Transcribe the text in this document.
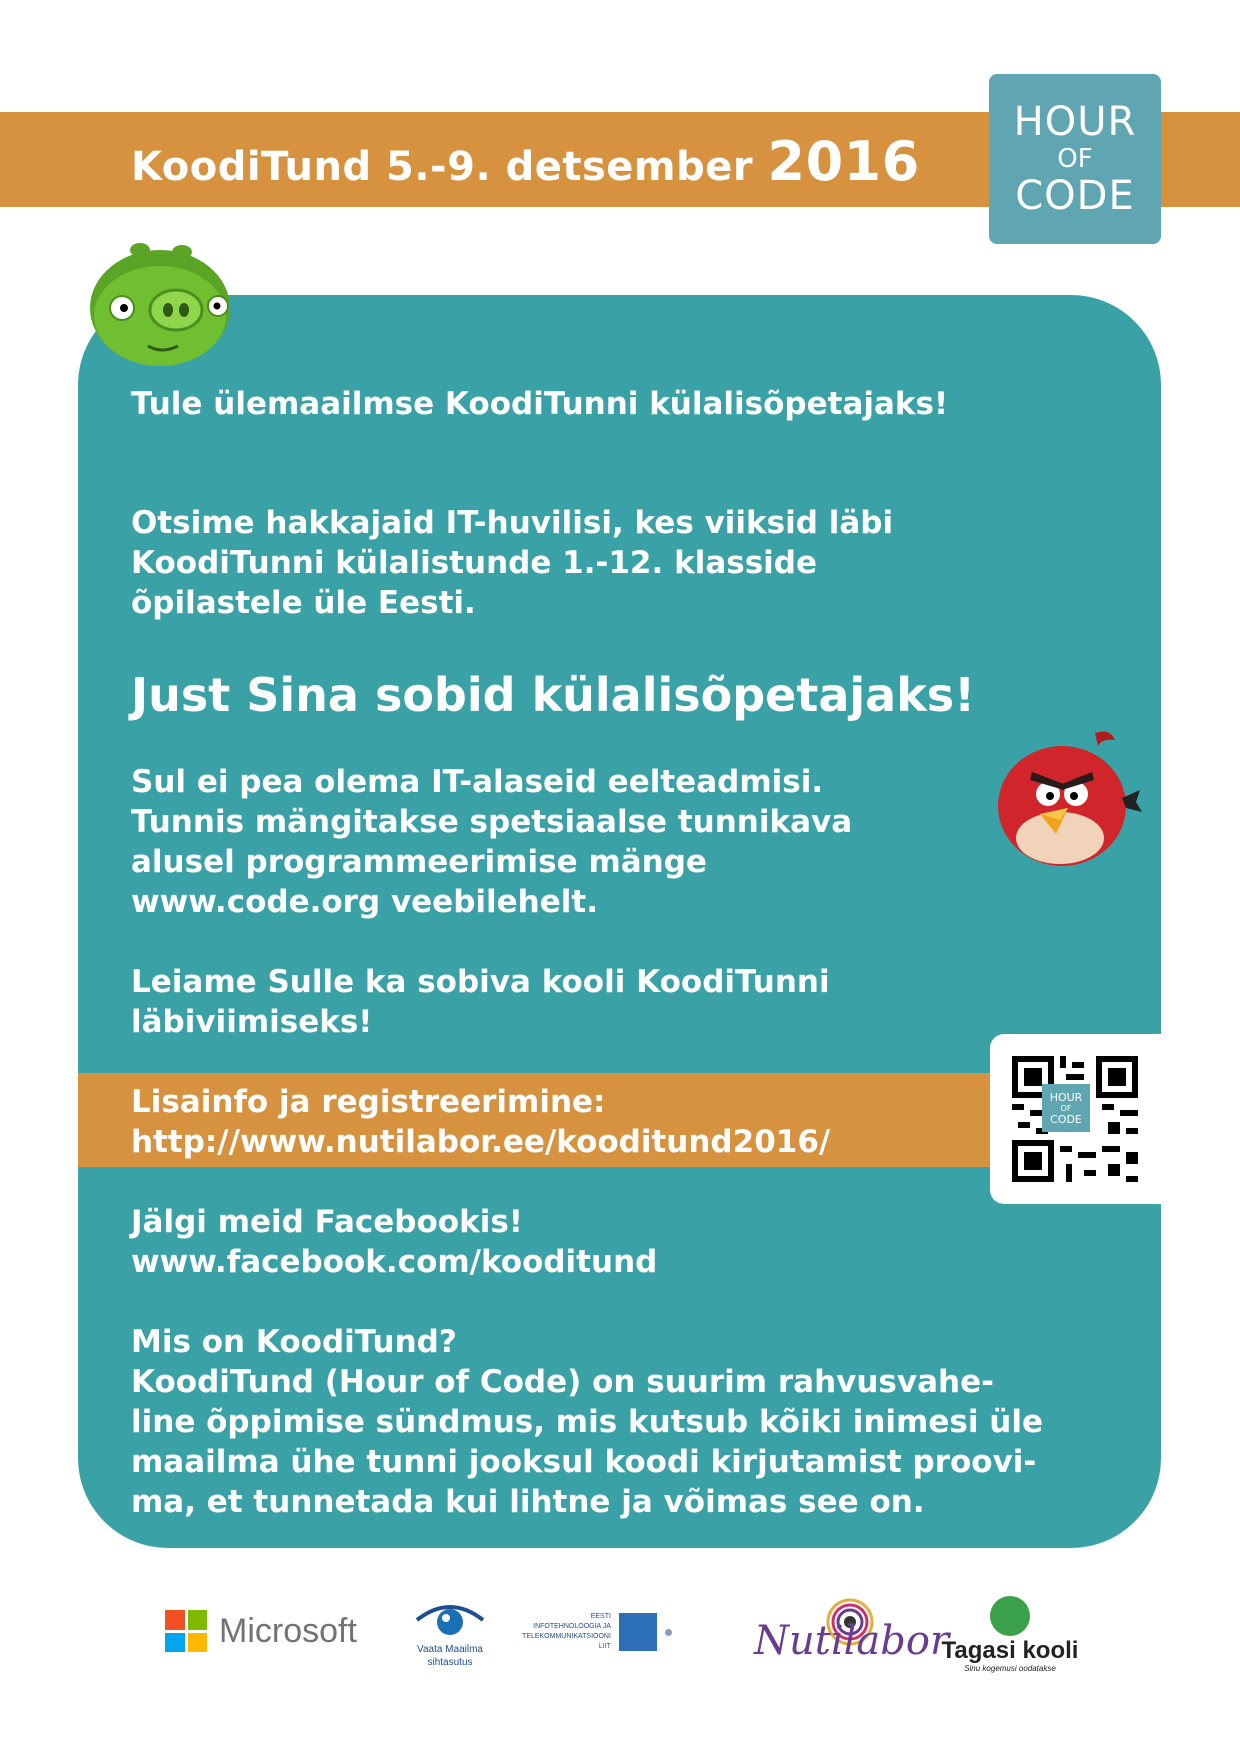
KoodiTund 5.-9. detsember 2016
HOUR
OF
CODE
Tule ülemaailmse KoodiTunni külalisõpetajaks!
Otsime hakkajaid IT-huvilisi, kes viiksid läbi
KoodiTunni külalistunde 1.-12. klasside
õpilastele üle Eesti.
Just Sina sobid külalisõpetajaks!
Sul ei pea olema IT-alaseid eelteadmisi.
Tunnis mängitakse spetsiaalse tunnikava
alusel programmeerimise mänge
www.code.org veebilehelt.
Leiame Sulle ka sobiva kooli KoodiTunni
läbiviimiseks!
Lisainfo ja registreerimine:
http://www.nutilabor.ee/kooditund2016/
Jälgi meid Facebookis!
www.facebook.com/kooditund
Mis on KoodiTund?
KoodiTund (Hour of Code) on suurim rahvusvahe-
line õppimise sündmus, mis kutsub kõiki inimesi üle
maailma ühe tunni jooksul koodi kirjutamist proovi-
ma, et tunnetada kui lihtne ja võimas see on.
HOUR
OF
CODE
Microsoft	Vaata Maailma
sihtasutus
EESTI
INFOTEHNOLOOGIA JA
TELEKOMMUNIKATSIOONI
LIIT	Nutilabor
Tagasi kooli
Sinu kogemusi oodatakse
